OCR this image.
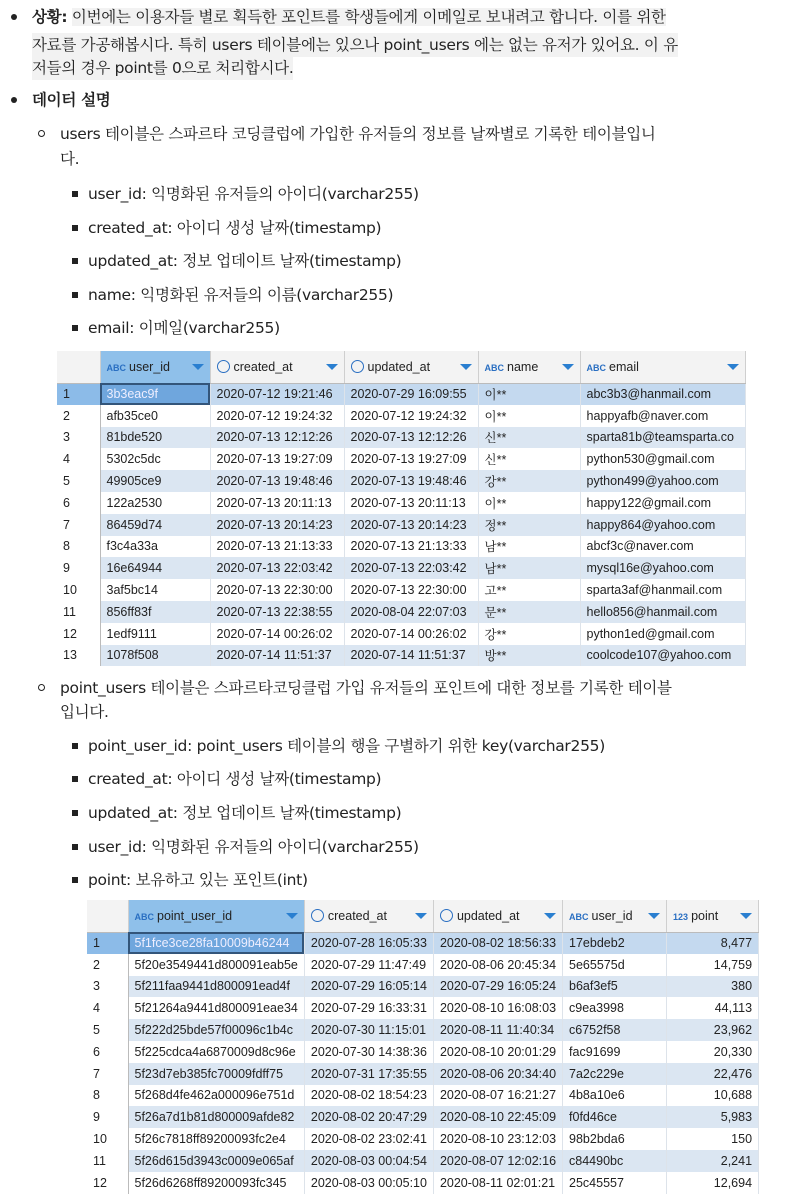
상황: 이번에는 이용자들 별로 획득한 포인트를 학생들에게 이메일로 보내려고 합니다. 이를 위한
자료를 가공해봅시다. 특히 users 테이블에는 있으나 point_users 에는 없는 유저가 있어요. 이 유
저들의 경우 point를 0으로 처리합시다.
데이터 설명
users 테이블은 스파르타 코딩클럽에 가입한 유저들의 정보를 날짜별로 기록한 테이블입니
다.
user_id: 익명화된 유저들의 아이디(varchar255)
created_at: 아이디 생성 날짜(timestamp)
updated_at: 정보 업데이트 날짜(timestamp)
name: 익명화된 유저들의 이름(varchar255)
email: 이메일(varchar255)
	ABC user_id	created_at	updated_at	ABC name	ABC email

1	3b3eac9f	2020-07-12 19:21:46	2020-07-29 16:09:55	이**	abc3b3@hanmail.com
2	afb35ce0	2020-07-12 19:24:32	2020-07-12 19:24:32	이**	happyafb@naver.com
3	81bde520	2020-07-13 12:12:26	2020-07-13 12:12:26	신**	sparta81b@teamsparta.co
4	5302c5dc	2020-07-13 19:27:09	2020-07-13 19:27:09	신**	python530@gmail.com
5	49905ce9	2020-07-13 19:48:46	2020-07-13 19:48:46	강**	python499@yahoo.com
6	122a2530	2020-07-13 20:11:13	2020-07-13 20:11:13	이**	happy122@gmail.com
7	86459d74	2020-07-13 20:14:23	2020-07-13 20:14:23	정**	happy864@yahoo.com
8	f3c4a33a	2020-07-13 21:13:33	2020-07-13 21:13:33	남**	abcf3c@naver.com
9	16e64944	2020-07-13 22:03:42	2020-07-13 22:03:42	남**	mysql16e@yahoo.com
10	3af5bc14	2020-07-13 22:30:00	2020-07-13 22:30:00	고**	sparta3af@hanmail.com
11	856ff83f	2020-07-13 22:38:55	2020-08-04 22:07:03	문**	hello856@hanmail.com
12	1edf9111	2020-07-14 00:26:02	2020-07-14 00:26:02	강**	python1ed@gmail.com
13	1078f508	2020-07-14 11:51:37	2020-07-14 11:51:37	방**	coolcode107@yahoo.com
point_users 테이블은 스파르타코딩클럽 가입 유저들의 포인트에 대한 정보를 기록한 테이블
입니다.
point_user_id: point_users 테이블의 행을 구별하기 위한 key(varchar255)
created_at: 아이디 생성 날짜(timestamp)
updated_at: 정보 업데이트 날짜(timestamp)
user_id: 익명화된 유저들의 아이디(varchar255)
point: 보유하고 있는 포인트(int)
	ABC point_user_id	created_at	updated_at	ABC user_id	123 point

1	5f1fce3ce28fa10009b46244	2020-07-28 16:05:33	2020-08-02 18:56:33	17ebdeb2	8,477
2	5f20e3549441d800091eab5e	2020-07-29 11:47:49	2020-08-06 20:45:34	5e65575d	14,759
3	5f211faa9441d800091ead4f	2020-07-29 16:05:14	2020-07-29 16:05:24	b6af3ef5	380
4	5f21264a9441d800091eae34	2020-07-29 16:33:31	2020-08-10 16:08:03	c9ea3998	44,113
5	5f222d25bde57f00096c1b4c	2020-07-30 11:15:01	2020-08-11 11:40:34	c6752f58	23,962
6	5f225cdca4a6870009d8c96e	2020-07-30 14:38:36	2020-08-10 20:01:29	fac91699	20,330
7	5f23d7eb385fc70009fdff75	2020-07-31 17:35:55	2020-08-06 20:34:40	7a2c229e	22,476
8	5f268d4fe462a000096e751d	2020-08-02 18:54:23	2020-08-07 16:21:27	4b8a10e6	10,688
9	5f26a7d1b81d800009afde82	2020-08-02 20:47:29	2020-08-10 22:45:09	f0fd46ce	5,983
10	5f26c7818ff89200093fc2e4	2020-08-02 23:02:41	2020-08-10 23:12:03	98b2bda6	150
11	5f26d615d3943c0009e065af	2020-08-03 00:04:54	2020-08-07 12:02:16	c84490bc	2,241
12	5f26d6268ff89200093fc345	2020-08-03 00:05:10	2020-08-11 02:01:21	25c45557	12,694
